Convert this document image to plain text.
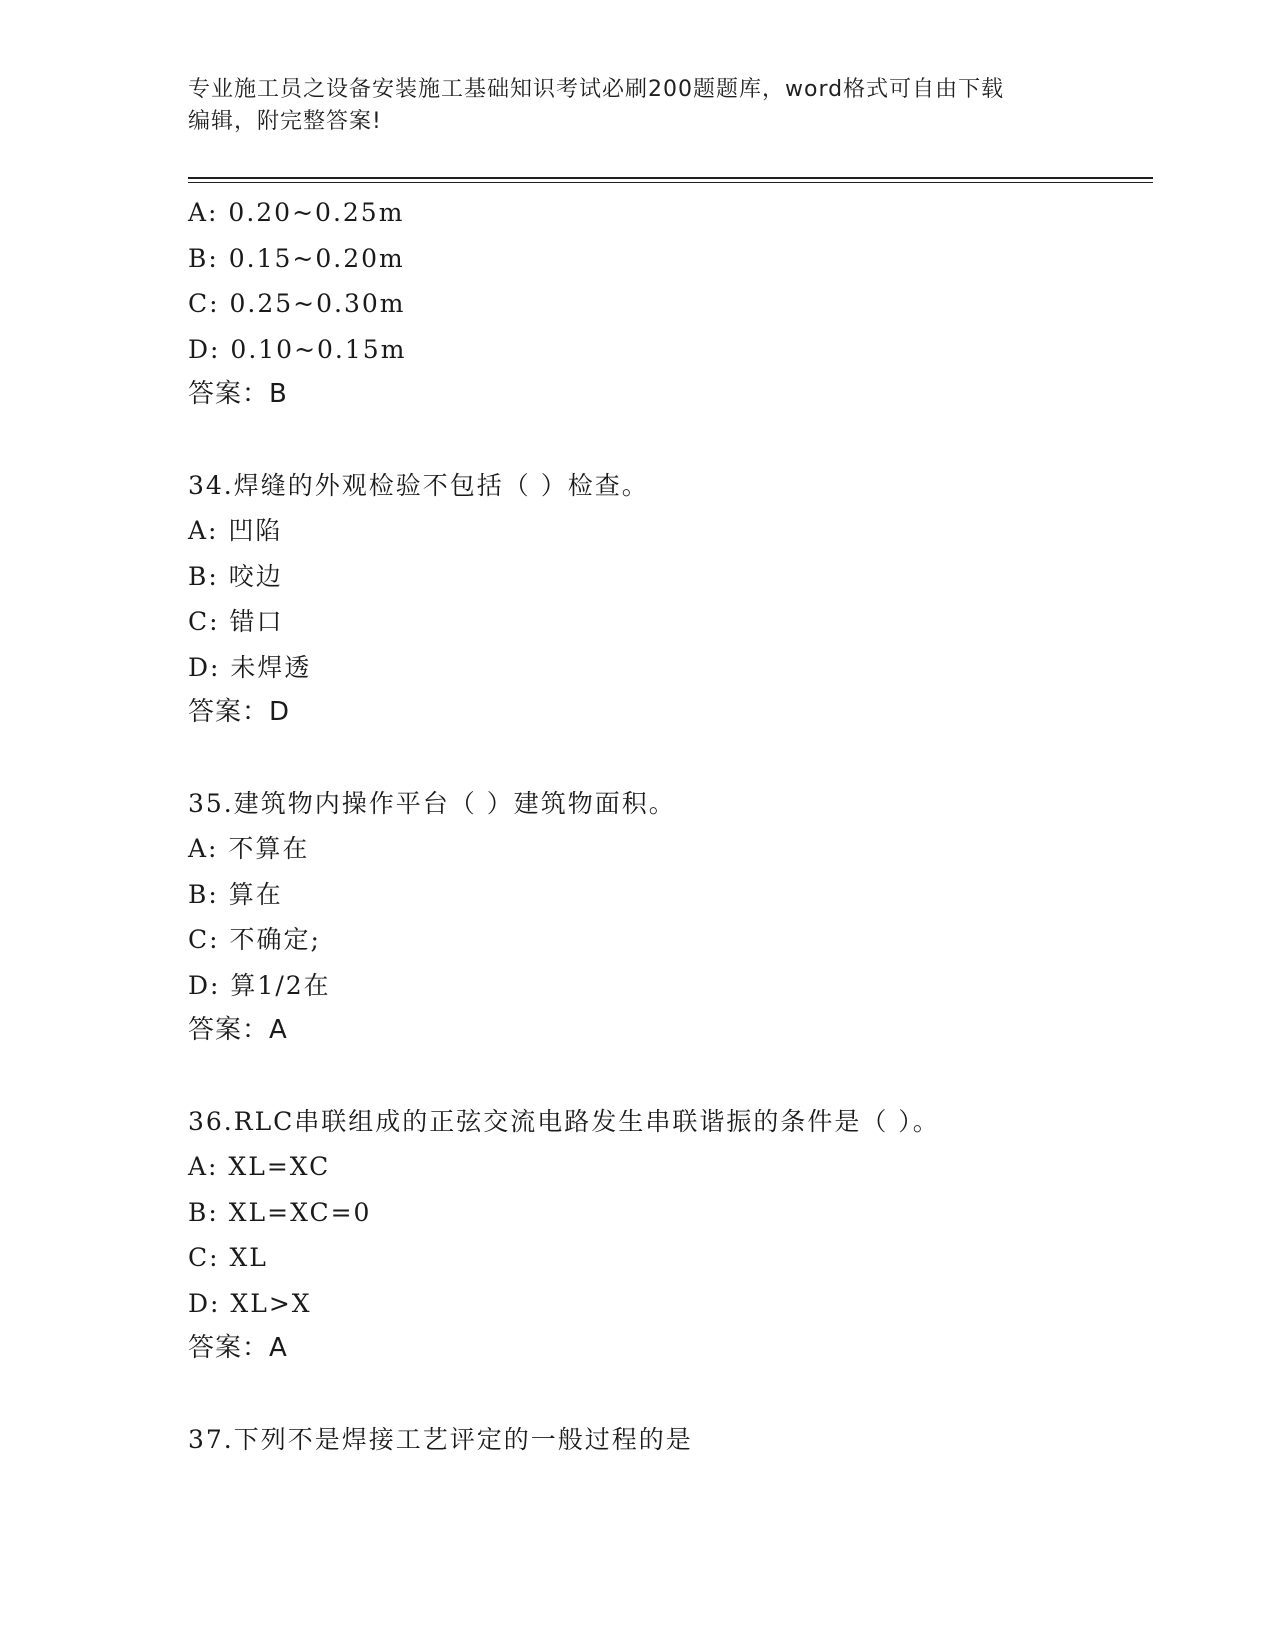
专业施工员之设备安装施工基础知识考试必刷200题题库，word格式可自由下载
编辑，附完整答案!
A: 0.20~0.25m
B: 0.15~0.20m
C: 0.25~0.30m
D: 0.10~0.15m
答案：B
34.焊缝的外观检验不包括（ ）检查。
A: 凹陷
B: 咬边
C: 错口
D: 未焊透
答案：D
35.建筑物内操作平台（ ）建筑物面积。
A: 不算在
B: 算在
C: 不确定;
D: 算1/2在
答案：A
36.RLC串联组成的正弦交流电路发生串联谐振的条件是（ ）。
A: XL=XC
B: XL=XC=0
C: XL
D: XL>X
答案：A
37.下列不是焊接工艺评定的一般过程的是
